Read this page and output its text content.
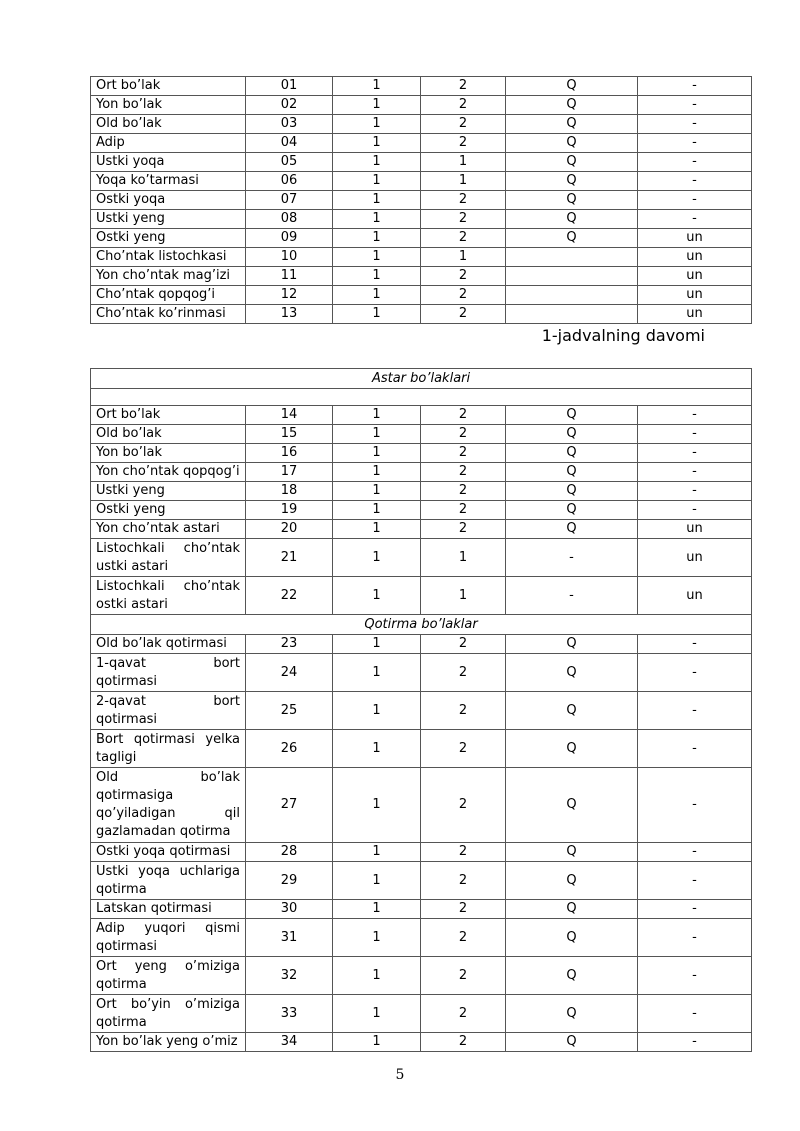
Ort bo’lak	01	1	2	Q	-
Yon bo’lak	02	1	2	Q	-
Old bo’lak	03	1	2	Q	-
Adip	04	1	2	Q	-
Ustki yoqa	05	1	1	Q	-
Yoqa ko’tarmasi	06	1	1	Q	-
Ostki yoqa	07	1	2	Q	-
Ustki yeng	08	1	2	Q	-
Ostki yeng	09	1	2	Q	un
Cho’ntak listochkasi	10	1	1		un
Yon cho’ntak mag’izi	11	1	2		un
Cho’ntak qopqog’i	12	1	2		un
Cho’ntak ko’rinmasi	13	1	2		un
1-jadvalning davomi
Astar bo’laklari					

Ort bo’lak	14	1	2	Q	-
Old bo’lak	15	1	2	Q	-
Yon bo’lak	16	1	2	Q	-
Yon cho’ntak qopqog’i	17	1	2	Q	-
Ustki yeng	18	1	2	Q	-
Ostki yeng	19	1	2	Q	-
Yon cho’ntak astari	20	1	2	Q	un
Listochkali cho’ntak ustki astari	21	1	1	-	un
Listochkali cho’ntak ostki astari	22	1	1	-	un
Qotirma bo’laklar					
Old bo’lak qotirmasi	23	1	2	Q	-
1-qavat bort qotirmasi	24	1	2	Q	-
2-qavat bort qotirmasi	25	1	2	Q	-
Bort qotirmasi yelka tagligi	26	1	2	Q	-
Old bo’lak qotirmasiga qo’yiladigan qil gazlamadan qotirma	27	1	2	Q	-
Ostki yoqa qotirmasi	28	1	2	Q	-
Ustki yoqa uchlariga qotirma	29	1	2	Q	-
Latskan qotirmasi	30	1	2	Q	-
Adip yuqori qismi qotirmasi	31	1	2	Q	-
Ort yeng o’miziga qotirma	32	1	2	Q	-
Ort bo’yin o’miziga qotirma	33	1	2	Q	-
Yon bo’lak yeng o’miz	34	1	2	Q	-
5
